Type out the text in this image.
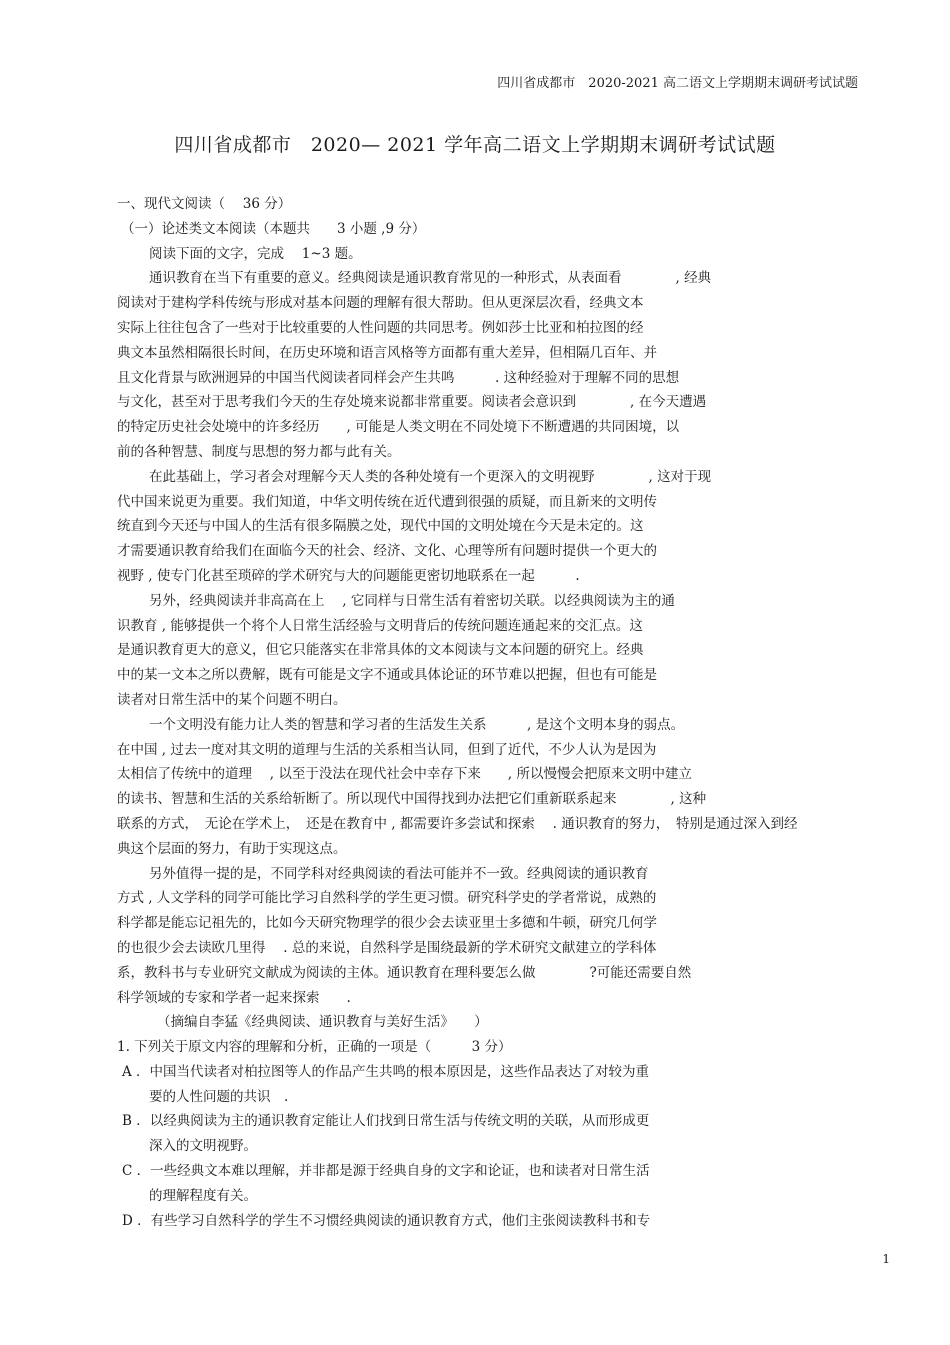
四川省成都市　2020-2021 高二语文上学期期末调研考试试题
四川省成都市　2020— 2021 学年高二语文上学期期末调研考试试题
一、现代文阅读（　 36 分）
（一）论述类文本阅读（本题共　　3 小题 ,9 分）
阅读下面的文字，完成　 1~3 题。
通识教育在当下有重要的意义。经典阅读是通识教育常见的一种形式，从表面看　　　　, 经典
阅读对于建构学科传统与形成对基本问题的理解有很大帮助。但从更深层次看，经典文本
实际上往往包含了一些对于比较重要的人性问题的共同思考。例如莎士比亚和柏拉图的经
典文本虽然相隔很长时间，在历史环境和语言风格等方面都有重大差异，但相隔几百年、并
且文化背景与欧洲迥异的中国当代阅读者同样会产生共鸣　　　. 这种经验对于理解不同的思想
与文化，甚至对于思考我们今天的生存处境来说都非常重要。阅读者会意识到　　　　, 在今天遭遇
的特定历史社会处境中的许多经历　　, 可能是人类文明在不同处境下不断遭遇的共同困境，以
前的各种智慧、制度与思想的努力都与此有关。
在此基础上，学习者会对理解今天人类的各种处境有一个更深入的文明视野　　　　, 这对于现
代中国来说更为重要。我们知道，中华文明传统在近代遭到很强的质疑，而且新来的文明传
统直到今天还与中国人的生活有很多隔膜之处，现代中国的文明处境在今天是未定的。这
才需要通识教育给我们在面临今天的社会、经济、文化、心理等所有问题时提供一个更大的
视野 , 使专门化甚至琐碎的学术研究与大的问题能更密切地联系在一起　　　.
另外，经典阅读并非高高在上　 , 它同样与日常生活有着密切关联。以经典阅读为主的通
识教育 , 能够提供一个将个人日常生活经验与文明背后的传统问题连通起来的交汇点。这
是通识教育更大的意义，但它只能落实在非常具体的文本阅读与文本问题的研究上。经典
中的某一文本之所以费解，既有可能是文字不通或具体论证的环节难以把握，但也有可能是
读者对日常生活中的某个问题不明白。
一个文明没有能力让人类的智慧和学习者的生活发生关系　　　, 是这个文明本身的弱点。
在中国 , 过去一度对其文明的道理与生活的关系相当认同，但到了近代，不少人认为是因为
太相信了传统中的道理　 , 以至于没法在现代社会中幸存下来　　, 所以慢慢会把原来文明中建立
的读书、智慧和生活的关系给斩断了。所以现代中国得找到办法把它们重新联系起来　　　　, 这种
联系的方式，　无论在学术上，　还是在教育中 , 都需要许多尝试和探索　 . 通识教育的努力，　特别是通过深入到经
典这个层面的努力，有助于实现这点。
另外值得一提的是，不同学科对经典阅读的看法可能并不一致。经典阅读的通识教育
方式 , 人文学科的同学可能比学习自然科学的学生更习惯。研究科学史的学者常说，成熟的
科学都是能忘记祖先的，比如今天研究物理学的很少会去读亚里士多德和牛顿，研究几何学
的也很少会去读欧几里得　 . 总的来说，自然科学是围绕最新的学术研究文献建立的学科体
系，教科书与专业研究文献成为阅读的主体。通识教育在理科要怎么做　　　　?可能还需要自然
科学领域的专家和学者一起来探索　　.
（摘编自李猛《经典阅读、通识教育与美好生活》　　）
1. 下列关于原文内容的理解和分析，正确的一项是（　　　3 分）
A ．中国当代读者对柏拉图等人的作品产生共鸣的根本原因是，这些作品表达了对较为重
要的人性问题的共识　.
B ．以经典阅读为主的通识教育定能让人们找到日常生活与传统文明的关联，从而形成更
深入的文明视野。
C ．一些经典文本难以理解，并非都是源于经典自身的文字和论证，也和读者对日常生活
的理解程度有关。
D ．有些学习自然科学的学生不习惯经典阅读的通识教育方式，他们主张阅读教科书和专
1
